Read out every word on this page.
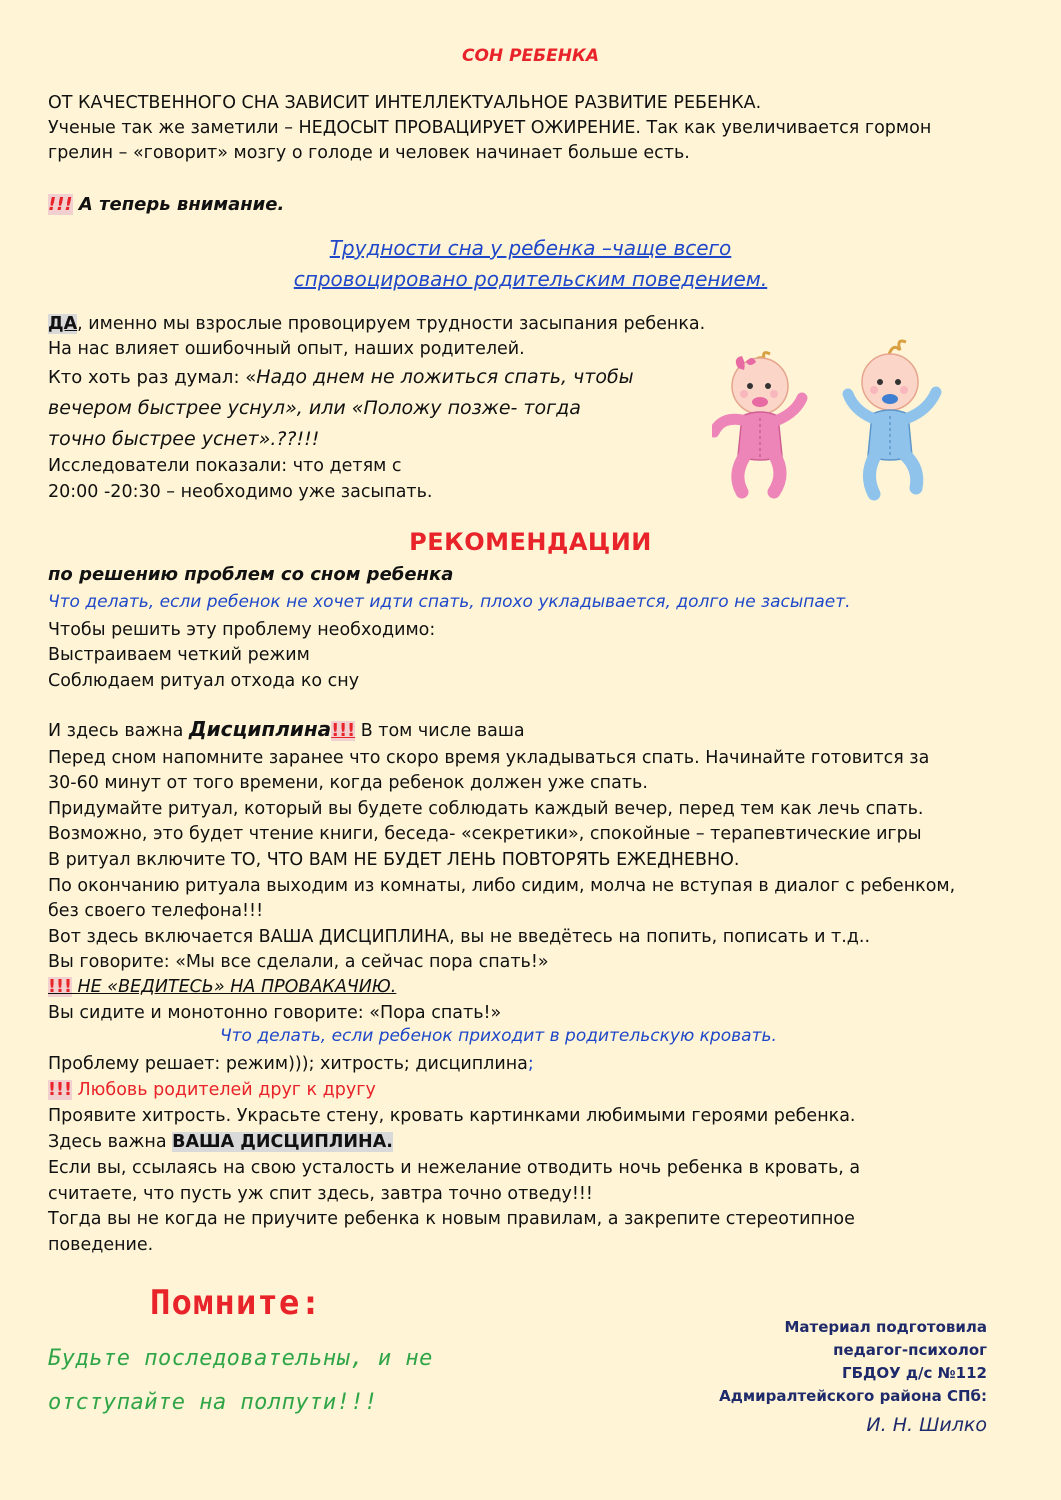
СОН РЕБЕНКА
ОТ КАЧЕСТВЕННОГО СНА ЗАВИСИТ ИНТЕЛЛЕКТУАЛЬНОЕ РАЗВИТИЕ РЕБЕНКА.
Ученые так же заметили – НЕДОСЫТ ПРОВАЦИРУЕТ ОЖИРЕНИЕ. Так как увеличивается гормон
грелин – «говорит» мозгу о голоде и человек начинает больше есть.
!!! А теперь внимание.
Трудности сна у ребенка –чаще всего
спровоцировано родительским поведением.
ДА, именно мы взрослые провоцируем трудности засыпания ребенка.
На нас влияет ошибочный опыт, наших родителей.
Кто хоть раз думал: «Надо днем не ложиться спать, чтобы
вечером быстрее уснул», или «Положу позже- тогда
точно быстрее уснет».??!!!
Исследователи показали: что детям с
20:00 -20:30 – необходимо уже засыпать.
РЕКОМЕНДАЦИИ
по решению проблем со сном ребенка
Что делать, если ребенок не хочет идти спать, плохо укладывается, долго не засыпает.
Чтобы решить эту проблему необходимо:
Выстраиваем четкий режим
Соблюдаем ритуал отхода ко сну
И здесь важна Дисциплина!!! В том числе ваша
Перед сном напомните заранее что скоро время укладываться спать. Начинайте готовится за
30-60 минут от того времени, когда ребенок должен уже спать.
Придумайте ритуал, который вы будете соблюдать каждый вечер, перед тем как лечь спать.
Возможно, это будет чтение книги, беседа- «секретики», спокойные – терапевтические игры
В ритуал включите ТО, ЧТО ВАМ НЕ БУДЕТ ЛЕНЬ ПОВТОРЯТЬ ЕЖЕДНЕВНО.
По окончанию ритуала выходим из комнаты, либо сидим, молча не вступая в диалог с ребенком,
без своего телефона!!!
Вот здесь включается ВАША ДИСЦИПЛИНА, вы не введётесь на попить, пописать и т.д..
Вы говорите: «Мы все сделали, а сейчас пора спать!»
!!! НЕ «ВЕДИТЕСЬ» НА ПРОВАКАЧИЮ.
Вы сидите и монотонно говорите: «Пора спать!»
Что делать, если ребенок приходит в родительскую кровать.
Проблему решает: режим))); хитрость; дисциплина;
!!! Любовь родителей друг к другу
Проявите хитрость. Украсьте стену, кровать картинками любимыми героями ребенка.
Здесь важна ВАША ДИСЦИПЛИНА.
Если вы, ссылаясь на свою усталость и нежелание отводить ночь ребенка в кровать, а
считаете, что пусть уж спит здесь, завтра точно отведу!!!
Тогда вы не когда не приучите ребенка к новым правилам, а закрепите стереотипное
поведение.
Помните:
Будьте последовательны, и не
отступайте на полпути!!!
Материал подготовила
педагог-психолог
ГБДОУ д/с №112
Адмиралтейского района СПб:
И. Н. Шилко
